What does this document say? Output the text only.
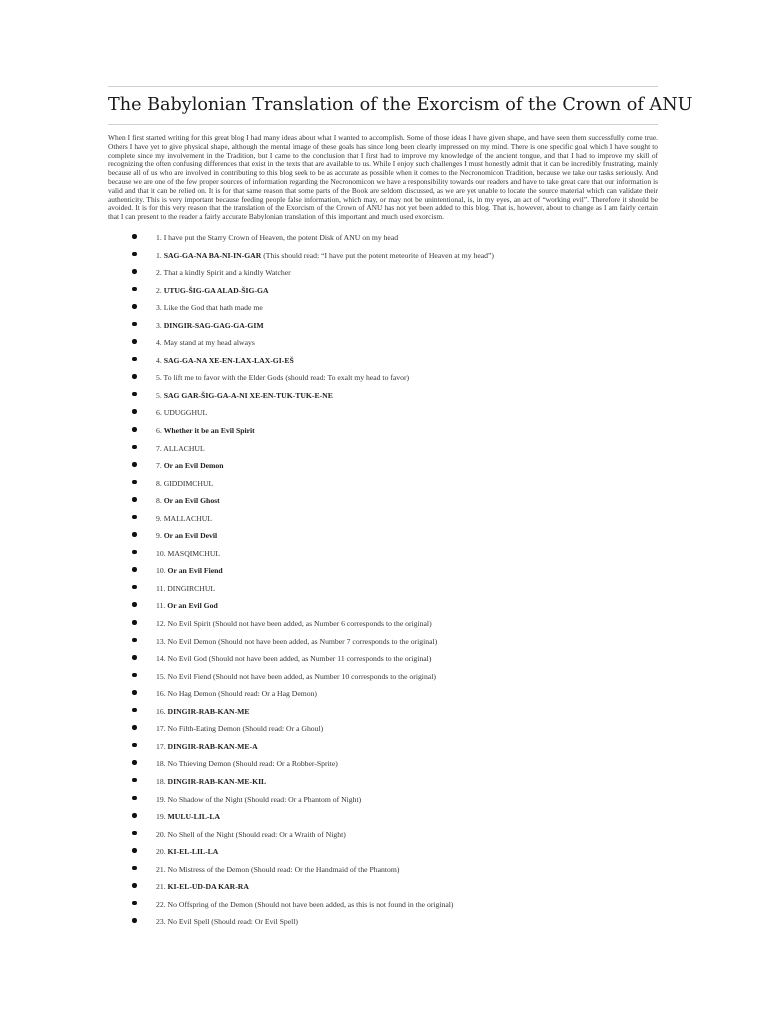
The Babylonian Translation of the Exorcism of the Crown of ANU

When I first started writing for this great blog I had many ideas about what I wanted to accomplish. Some of those ideas I have given shape, and have seen them successfully come true. Others I have yet to give physical shape, although the mental image of these goals has since long been clearly impressed on my mind. There is one specific goal which I have sought to complete since my involvement in the Tradition, but I came to the conclusion that I first had to improve my knowledge of the ancient tongue, and that I had to improve my skill of recognizing the often confusing differences that exist in the texts that are available to us. While I enjoy such challenges I must honestly admit that it can be incredibly frustrating, mainly because all of us who are involved in contributing to this blog seek to be as accurate as possible when it comes to the Necronomicon Tradition, because we take our tasks seriously. And because we are one of the few proper sources of information regarding the Necronomicon we have a responsibility towards our readers and have to take great care that our information is valid and that it can be relied on. It is for that same reason that some parts of the Book are seldom discussed, as we are yet unable to locate the source material which can validate their authenticity. This is very important because feeding people false information, which may, or may not be unintentional, is, in my eyes, an act of “working evil”. Therefore it should be avoided. It is for this very reason that the translation of the Exorcism of the Crown of ANU has not yet been added to this blog. That is, however, about to change as I am fairly certain that I can present to the reader a fairly accurate Babylonian translation of this important and much used exorcism.

1. I have put the Starry Crown of Heaven, the potent Disk of ANU on my head
1. SAG-GA-NA BA-NI-IN-GAR (This should read: “I have put the potent meteorite of Heaven at my head”)
2. That a kindly Spirit and a kindly Watcher
2. UTUG-ŠIG-GA ALAD-ŠIG-GA
3. Like the God that hath made me
3. DINGIR-SAG-GAG-GA-GIM
4. May stand at my head always
4. SAG-GA-NA XE-EN-LAX-LAX-GI-EŠ
5. To lift me to favor with the Elder Gods (should read: To exalt my head to favor)
5. SAG GAR-ŠIG-GA-A-NI XE-EN-TUK-TUK-E-NE
6. UDUGGHUL
6. Whether it be an Evil Spirit
7. ALLACHUL
7. Or an Evil Demon
8. GIDDIMCHUL
8. Or an Evil Ghost
9. MALLACHUL
9. Or an Evil Devil
10. MASQIMCHUL
10. Or an Evil Fiend
11. DINGIRCHUL
11. Or an Evil God
12. No Evil Spirit (Should not have been added, as Number 6 corresponds to the original)
13. No Evil Demon (Should not have been added, as Number 7 corresponds to the original)
14. No Evil God (Should not have been added, as Number 11 corresponds to the original)
15. No Evil Fiend (Should not have been added, as Number 10 corresponds to the original)
16. No Hag Demon (Should read: Or a Hag Demon)
16. DINGIR-RAB-KAN-ME
17. No Filth-Eating Demon (Should read: Or a Ghoul)
17. DINGIR-RAB-KAN-ME-A
18. No Thieving Demon (Should read: Or a Robber-Sprite)
18. DINGIR-RAB-KAN-ME-KIL
19. No Shadow of the Night (Should read: Or a Phantom of Night)
19. MULU-LIL-LA
20. No Shell of the Night (Should read: Or a Wraith of Night)
20. KI-EL-LIL-LA
21. No Mistress of the Demon (Should read: Or the Handmaid of the Phantom)
21. KI-EL-UD-DA KAR-RA
22. No Offspring of the Demon (Should not have been added, as this is not found in the original)
23. No Evil Spell (Should read: Or Evil Spell)
